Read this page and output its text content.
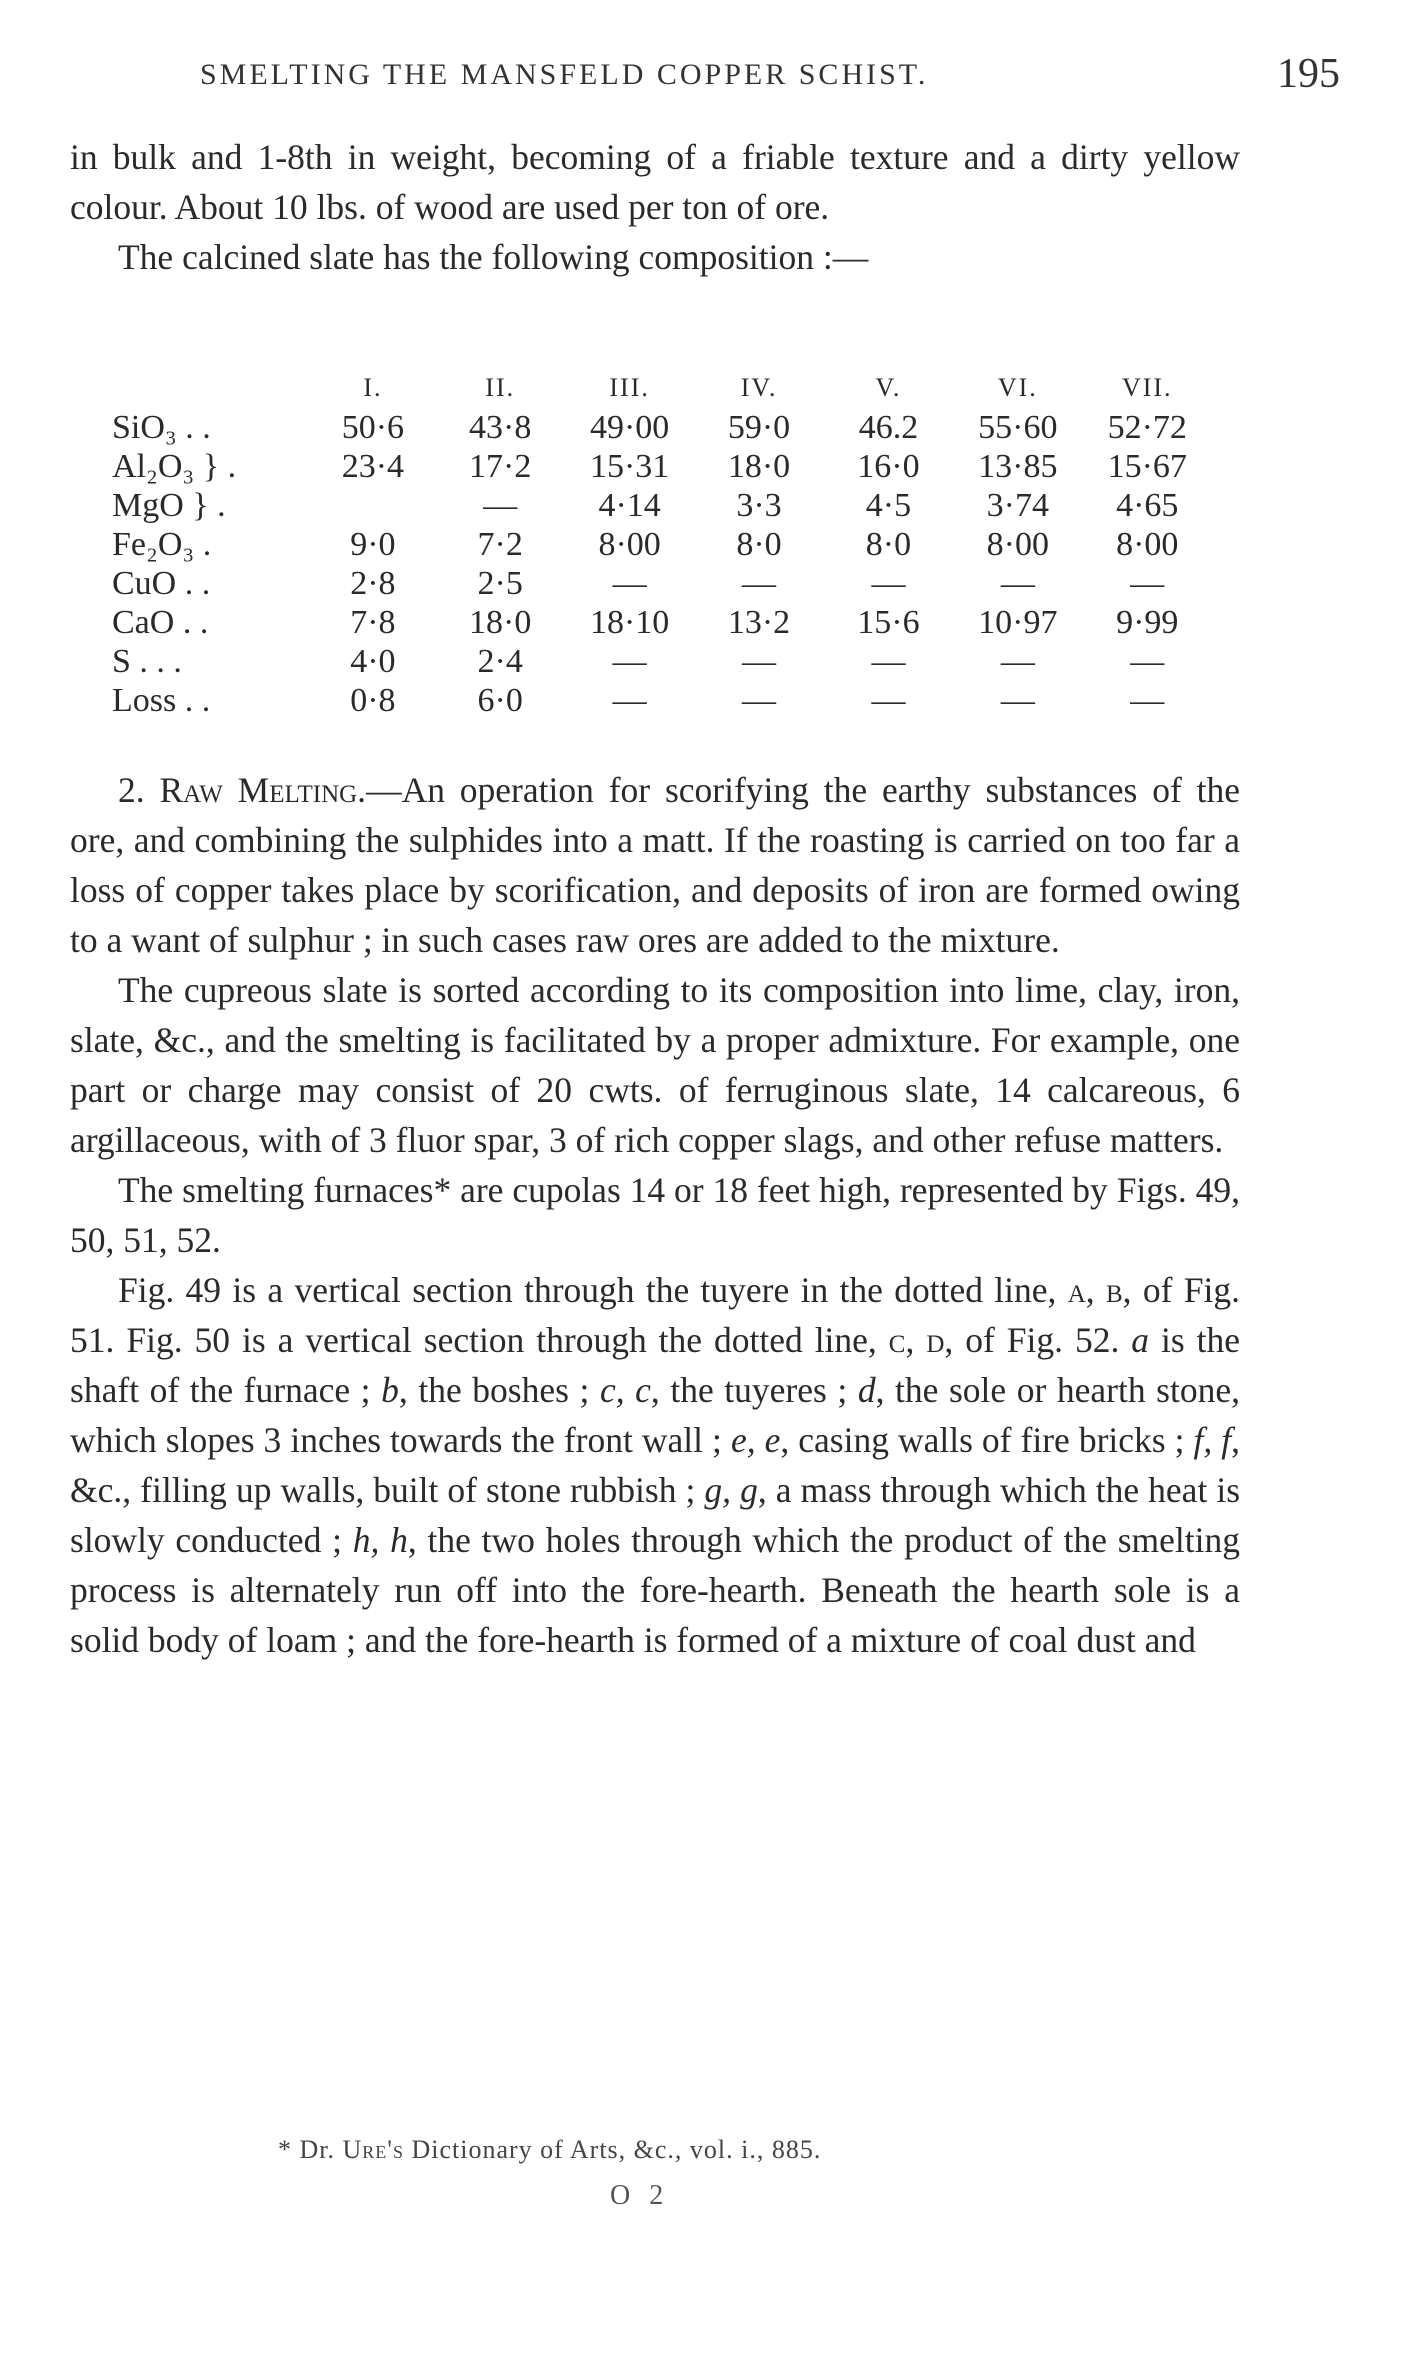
SMELTING THE MANSFELD COPPER SCHIST.	195

in bulk and 1-8th in weight, becoming of a friable texture and a dirty yellow colour. About 10 lbs. of wood are used per ton of ore.

The calcined slate has the following composition :—

	I.	II.	III.	IV.	V.	VI.	VII.
SiO₃ . .	50·6	43·8	49·00	59·0	46.2	55·60	52·72
Al₂O₃ } .	23·4	17·2	15·31	18·0	16·0	13·85	15·67
MgO } .		—	4·14	3·3	4·5	3·74	4·65
Fe₂O₃ .	9·0	7·2	8·00	8·0	8·0	8·00	8·00
CuO . .	2·8	2·5	—	—	—	—	—
CaO . .	7·8	18·0	18·10	13·2	15·6	10·97	9·99
S . . .	4·0	2·4	—	—	—	—	—
Loss . .	0·8	6·0	—	—	—	—	—

2. Raw Melting.—An operation for scorifying the earthy substances of the ore, and combining the sulphides into a matt. If the roasting is carried on too far a loss of copper takes place by scorification, and deposits of iron are formed owing to a want of sulphur ; in such cases raw ores are added to the mixture.

The cupreous slate is sorted according to its composition into lime, clay, iron, slate, &c., and the smelting is facilitated by a proper admixture. For example, one part or charge may consist of 20 cwts. of ferruginous slate, 14 calcareous, 6 argillaceous, with of 3 fluor spar, 3 of rich copper slags, and other refuse matters.

The smelting furnaces* are cupolas 14 or 18 feet high, represented by Figs. 49, 50, 51, 52.

Fig. 49 is a vertical section through the tuyere in the dotted line, a, b, of Fig. 51. Fig. 50 is a vertical section through the dotted line, c, d, of Fig. 52. a is the shaft of the furnace ; b, the boshes ; c, c, the tuyeres ; d, the sole or hearth stone, which slopes 3 inches towards the front wall ; e, e, casing walls of fire bricks ; f, f, &c., filling up walls, built of stone rubbish ; g, g, a mass through which the heat is slowly conducted ; h, h, the two holes through which the product of the smelting process is alternately run off into the fore-hearth. Beneath the hearth sole is a solid body of loam ; and the fore-hearth is formed of a mixture of coal dust and

* Dr. Ure's Dictionary of Arts, &c., vol. i., 885.
O 2
